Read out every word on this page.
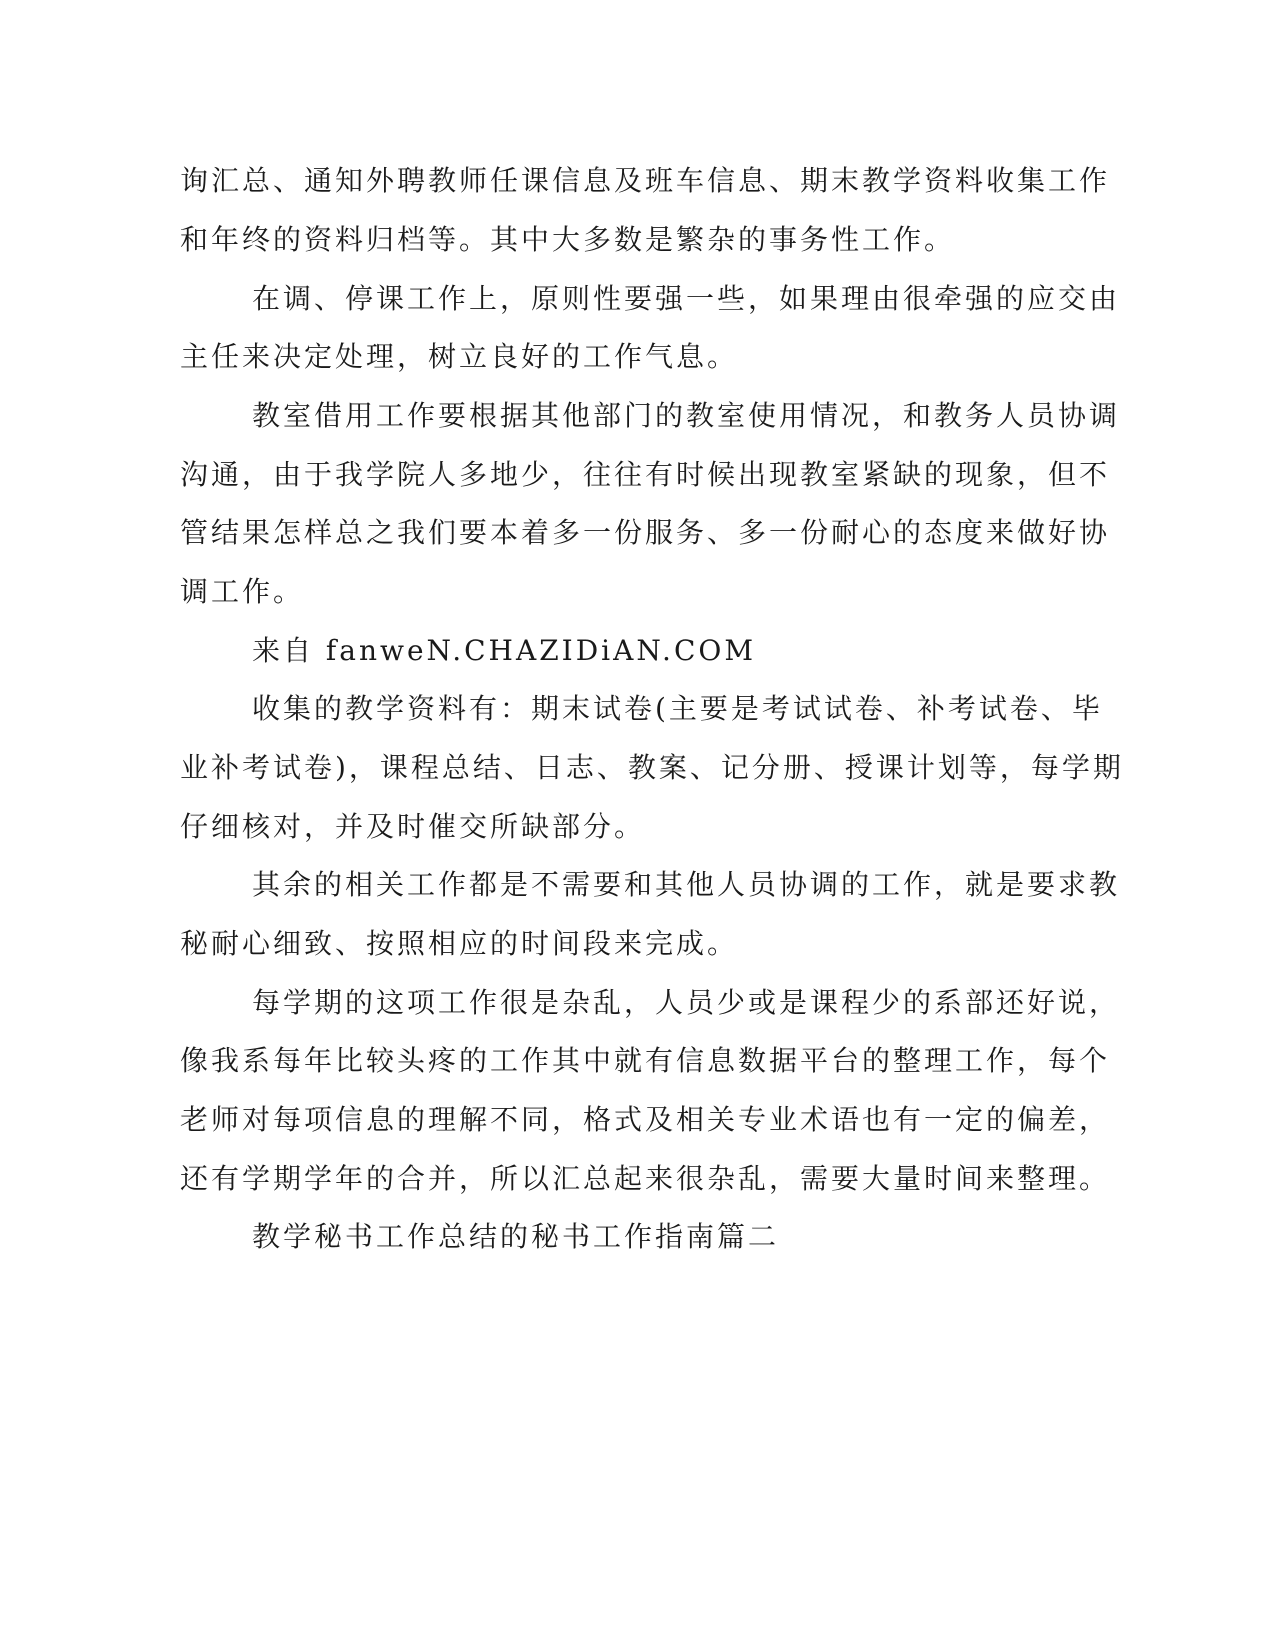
询汇总、通知外聘教师任课信息及班车信息、期末教学资料收集工作
和年终的资料归档等。其中大多数是繁杂的事务性工作。
在调、停课工作上，原则性要强一些，如果理由很牵强的应交由
主任来决定处理，树立良好的工作气息。
教室借用工作要根据其他部门的教室使用情况，和教务人员协调
沟通，由于我学院人多地少，往往有时候出现教室紧缺的现象，但不
管结果怎样总之我们要本着多一份服务、多一份耐心的态度来做好协
调工作。
来自 fanweN.CHAZIDiAN.COM
收集的教学资料有：期末试卷(主要是考试试卷、补考试卷、毕
业补考试卷)，课程总结、日志、教案、记分册、授课计划等，每学期
仔细核对，并及时催交所缺部分。
其余的相关工作都是不需要和其他人员协调的工作，就是要求教
秘耐心细致、按照相应的时间段来完成。
每学期的这项工作很是杂乱，人员少或是课程少的系部还好说，
像我系每年比较头疼的工作其中就有信息数据平台的整理工作，每个
老师对每项信息的理解不同，格式及相关专业术语也有一定的偏差，
还有学期学年的合并，所以汇总起来很杂乱，需要大量时间来整理。
教学秘书工作总结的秘书工作指南篇二
